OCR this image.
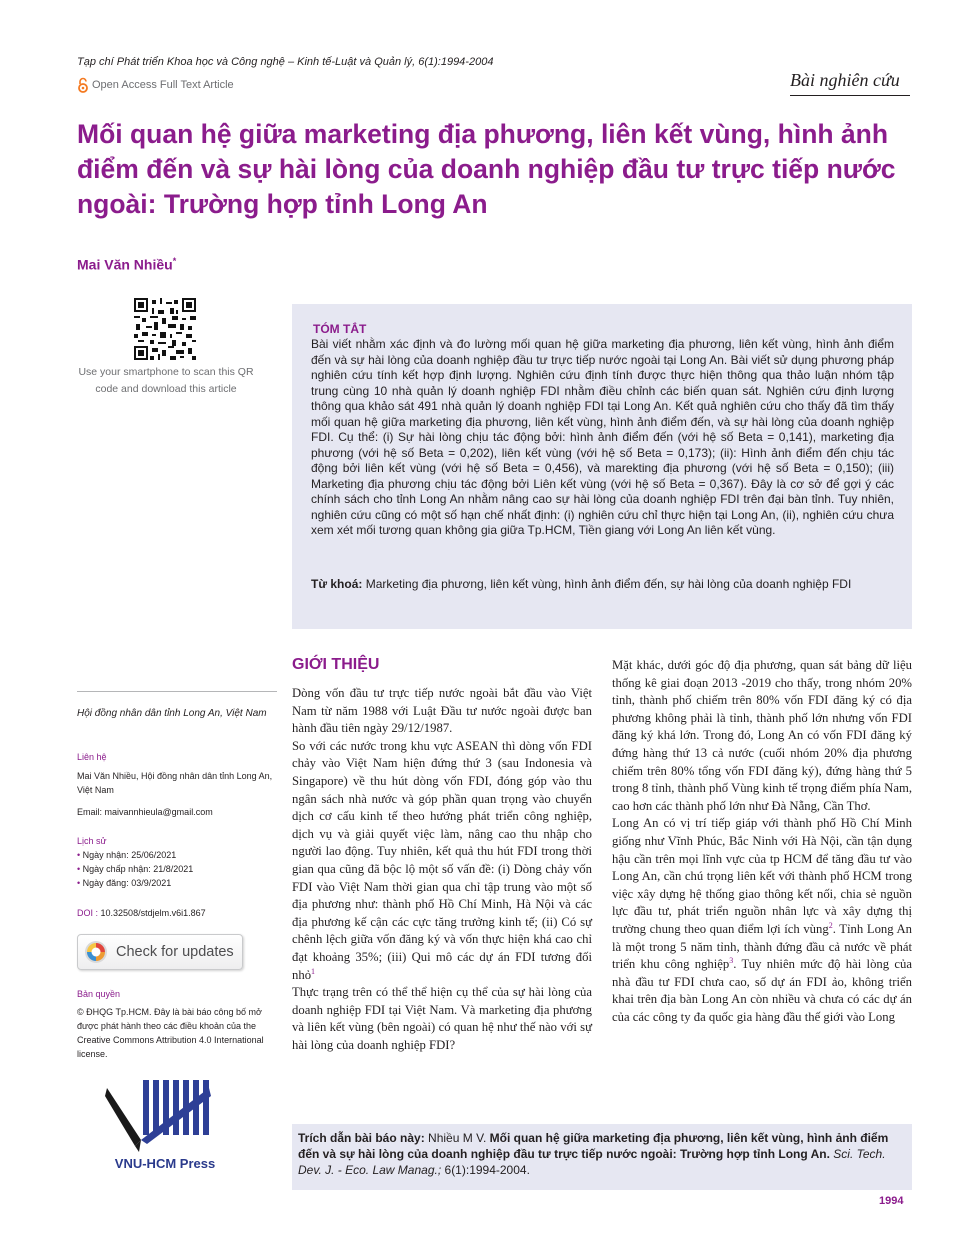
Tạp chí Phát triển Khoa học và Công nghệ – Kinh tế-Luật và Quản lý, 6(1):1994-2004
Open Access Full Text Article	Bài nghiên cứu
Mối quan hệ giữa marketing địa phương, liên kết vùng, hình ảnh điểm đến và sự hài lòng của doanh nghiệp đầu tư trực tiếp nước ngoài: Trường hợp tỉnh Long An
Mai Văn Nhiều*
Use your smartphone to scan this QR code and download this article
TÓM TẮT

Bài viết nhằm xác định và đo lường mối quan hệ giữa marketing địa phương, liên kết vùng, hình ảnh điểm đến và sự hài lòng của doanh nghiệp đầu tư trực tiếp nước ngoài tại Long An. Bài viết sử dụng phương pháp nghiên cứu tính kết hợp định lượng. Nghiên cứu định tính được thực hiện thông qua thảo luận nhóm tập trung cùng 10 nhà quản lý doanh nghiệp FDI nhằm điều chỉnh các biến quan sát. Nghiên cứu định lượng thông qua khảo sát 491 nhà quản lý doanh nghiệp FDI tại Long An. Kết quả nghiên cứu cho thấy đã tìm thấy mối quan hệ giữa marketing địa phương, liên kết vùng, hình ảnh điểm đến, và sự hài lòng của doanh nghiệp FDI. Cụ thể: (i) Sự hài lòng chịu tác động bởi: hình ảnh điểm đến (với hệ số Beta = 0,141), marketing địa phương (với hệ số Beta = 0,202), liên kết vùng (với hệ số Beta = 0,173); (ii): Hình ảnh điểm đến chịu tác động bởi liên kết vùng (với hệ số Beta = 0,456), và marekting địa phương (với hệ số Beta = 0,150); (iii) Marketing địa phương chịu tác động bởi Liên kết vùng (với hệ số Beta = 0,367). Đây là cơ sở để gợi ý các chính sách cho tỉnh Long An nhằm nâng cao sự hài lòng của doanh nghiệp FDI trên đại bàn tỉnh. Tuy nhiên, nghiên cứu cũng có một số hạn chế nhất định: (i) nghiên cứu chỉ thực hiện tại Long An, (ii), nghiên cứu chưa xem xét mối tương quan không gia giữa Tp.HCM, Tiền giang với Long An liên kết vùng.

Từ khoá: Marketing địa phương, liên kết vùng, hình ảnh điểm đến, sự hài lòng của doanh nghiệp FDI

Hội đồng nhân dân tỉnh Long An, Việt Nam
Liên hệ
Mai Văn Nhiều, Hội đồng nhân dân tỉnh Long An, Việt Nam
Email: maivannhieula@gmail.com
Lịch sử
• Ngày nhận: 25/06/2021
• Ngày chấp nhận: 21/8/2021
• Ngày đăng: 03/9/2021
DOI : 10.32508/stdjelm.v6i1.867
Check for updates
Bản quyền
© ĐHQG Tp.HCM. Đây là bài báo công bố mở được phát hành theo các điều khoản của the Creative Commons Attribution 4.0 International license.
VNU-HCM Press
GIỚI THIỆU

Dòng vốn đầu tư trực tiếp nước ngoài bắt đầu vào Việt Nam từ năm 1988 với Luật Đầu tư nước ngoài được ban hành đầu tiên ngày 29/12/1987.

So với các nước trong khu vực ASEAN thì dòng vốn FDI chảy vào Việt Nam hiện đứng thứ 3 (sau Indonesia và Singapore) về thu hút dòng vốn FDI, đóng góp vào thu ngân sách nhà nước và góp phần quan trọng vào chuyển dịch cơ cấu kinh tế theo hướng phát triển công nghiệp, dịch vụ và giải quyết việc làm, nâng cao thu nhập cho người lao động. Tuy nhiên, kết quả thu hút FDI trong thời gian qua cũng đã bộc lộ một số vấn đề: (i) Dòng chảy vốn FDI vào Việt Nam thời gian qua chỉ tập trung vào một số địa phương như: thành phố Hồ Chí Minh, Hà Nội và các địa phương kế cận các cực tăng trưởng kinh tế; (ii) Có sự chênh lệch giữa vốn đăng ký và vốn thực hiện khá cao chỉ đạt khoảng 35%; (iii) Qui mô các dự án FDI tương đối nhỏ$^1$

Thực trạng trên có thể thể hiện cụ thể của sự hài lòng của doanh nghiệp FDI tại Việt Nam. Và marketing địa phương và liên kết vùng (bên ngoài) có quan hệ như thế nào với sự hài lòng của doanh nghiệp FDI?

Mặt khác, dưới góc độ địa phương, quan sát bảng dữ liệu thống kê giai đoạn 2013 -2019 cho thấy, trong nhóm 20% tỉnh, thành phố chiếm trên 80% vốn FDI đăng ký có địa phương không phải là tỉnh, thành phố lớn nhưng vốn FDI đăng ký khá lớn. Trong đó, Long An có vốn FDI đăng ký đứng hàng thứ 13 cả nước (cuối nhóm 20% địa phương chiếm trên 80% tổng vốn FDI đăng ký), đứng hàng thứ 5 trong 8 tỉnh, thành phố Vùng kinh tế trọng điểm phía Nam, cao hơn các thành phố lớn như Đà Nẵng, Cần Thơ.

Long An có vị trí tiếp giáp với thành phố Hồ Chí Minh giống như Vĩnh Phúc, Bắc Ninh với Hà Nội, cần tận dụng hậu cần trên mọi lĩnh vực của tp HCM để tăng đầu tư vào Long An, cần chú trọng liên kết với thành phố HCM trong việc xây dựng hệ thống giao thông kết nối, chia sẻ nguồn lực đầu tư, phát triển nguồn nhân lực và xây dựng thị trường chung theo quan điểm lợi ích vùng$^2$. Tỉnh Long An là một trong 5 năm tỉnh, thành đứng đầu cả nước về phát triển khu công nghiệp$^3$. Tuy nhiên mức độ hài lòng của nhà đầu tư FDI chưa cao, số dự án FDI ảo, không triển khai trên địa bàn Long An còn nhiều và chưa có các dự án của các công ty đa quốc gia hàng đầu thế giới vào Long

Trích dẫn bài báo này: Nhiều M V. Mối quan hệ giữa marketing địa phương, liên kết vùng, hình ảnh điểm đến và sự hài lòng của doanh nghiệp đầu tư trực tiếp nước ngoài: Trường hợp tỉnh Long An. Sci. Tech. Dev. J. - Eco. Law Manag.; 6(1):1994-2004.
1994
